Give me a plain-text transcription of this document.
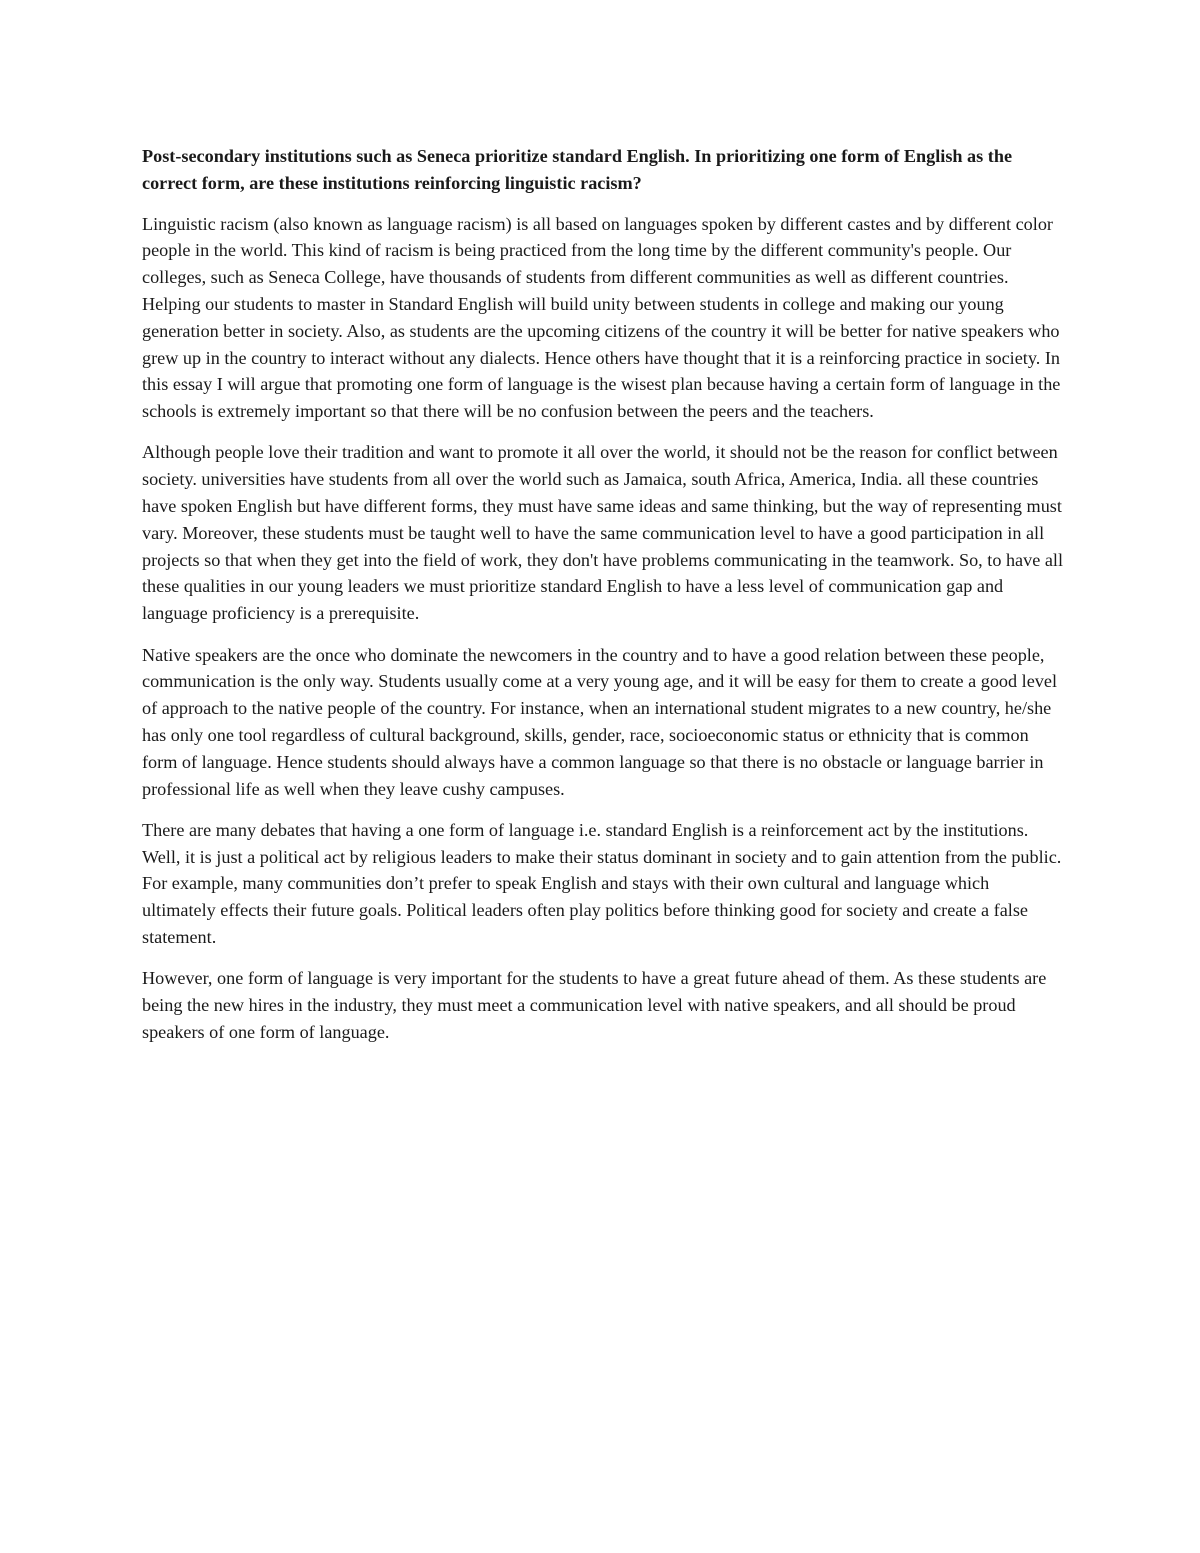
Post-secondary institutions such as Seneca prioritize standard English. In prioritizing one form of English as the correct form, are these institutions reinforcing linguistic racism?

Linguistic racism (also known as language racism) is all based on languages spoken by different castes and by different color people in the world. This kind of racism is being practiced from the long time by the different community's people. Our colleges, such as Seneca College, have thousands of students from different communities as well as different countries. Helping our students to master in Standard English will build unity between students in college and making our young generation better in society. Also, as students are the upcoming citizens of the country it will be better for native speakers who grew up in the country to interact without any dialects. Hence others have thought that it is a reinforcing practice in society. In this essay I will argue that promoting one form of language is the wisest plan because having a certain form of language in the schools is extremely important so that there will be no confusion between the peers and the teachers.

Although people love their tradition and want to promote it all over the world, it should not be the reason for conflict between society. universities have students from all over the world such as Jamaica, south Africa, America, India. all these countries have spoken English but have different forms, they must have same ideas and same thinking, but the way of representing must vary. Moreover, these students must be taught well to have the same communication level to have a good participation in all projects so that when they get into the field of work, they don't have problems communicating in the teamwork. So, to have all these qualities in our young leaders we must prioritize standard English to have a less level of communication gap and language proficiency is a prerequisite.

Native speakers are the once who dominate the newcomers in the country and to have a good relation between these people, communication is the only way. Students usually come at a very young age, and it will be easy for them to create a good level of approach to the native people of the country. For instance, when an international student migrates to a new country, he/she has only one tool regardless of cultural background, skills, gender, race, socioeconomic status or ethnicity that is common form of language. Hence students should always have a common language so that there is no obstacle or language barrier in professional life as well when they leave cushy campuses.

There are many debates that having a one form of language i.e. standard English is a reinforcement act by the institutions. Well, it is just a political act by religious leaders to make their status dominant in society and to gain attention from the public. For example, many communities don’t prefer to speak English and stays with their own cultural and language which ultimately effects their future goals. Political leaders often play politics before thinking good for society and create a false statement.

However, one form of language is very important for the students to have a great future ahead of them. As these students are being the new hires in the industry, they must meet a communication level with native speakers, and all should be proud speakers of one form of language.
